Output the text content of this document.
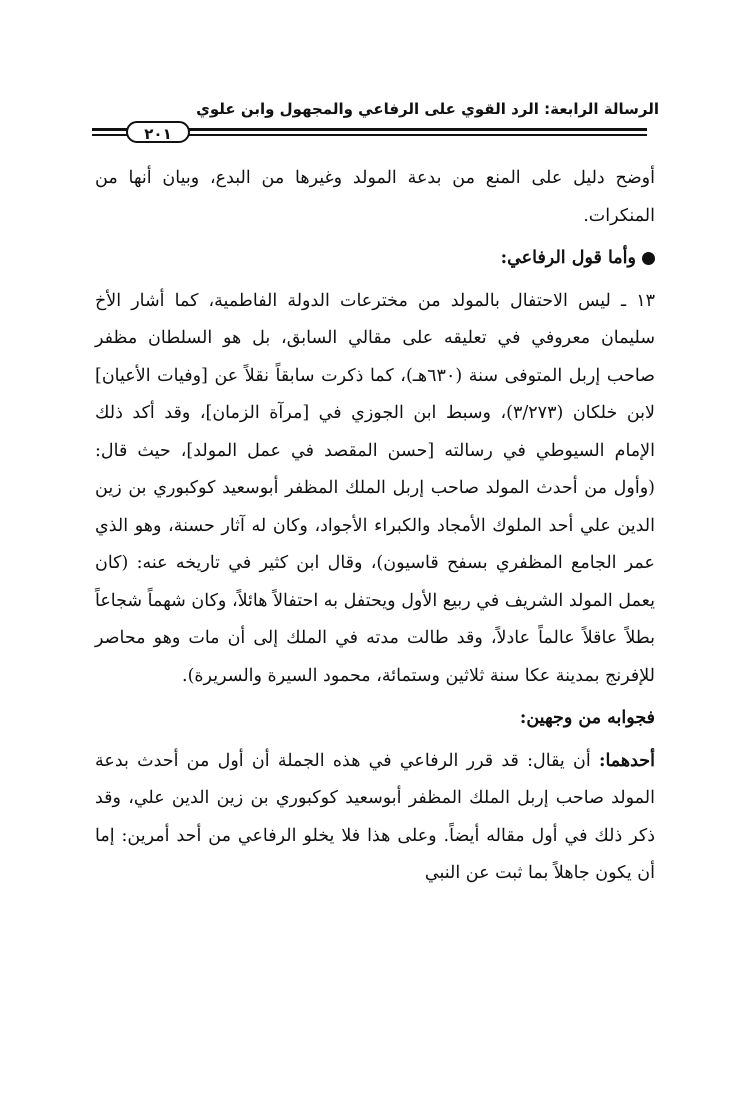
الرسالة الرابعة: الرد القوي على الرفاعي والمجهول وابن علوي
٢٠١

أوضح دليل على المنع من بدعة المولد وغيرها من البدع، وبيان أنها من المنكرات.

وأما قول الرفاعي:

١٣ ـ ليس الاحتفال بالمولد من مخترعات الدولة الفاطمية، كما أشار الأخ سليمان معروفي في تعليقه على مقالي السابق، بل هو السلطان مظفر صاحب إربل المتوفى سنة (٦٣٠هـ)، كما ذكرت سابقاً نقلاً عن [وفيات الأعيان] لابن خلكان (٣/٢٧٣)، وسبط ابن الجوزي في [مرآة الزمان]، وقد أكد ذلك الإمام السيوطي في رسالته [حسن المقصد في عمل المولد]، حيث قال: (وأول من أحدث المولد صاحب إربل الملك المظفر أبوسعيد كوكبوري بن زين الدين علي أحد الملوك الأمجاد والكبراء الأجواد، وكان له آثار حسنة، وهو الذي عمر الجامع المظفري بسفح قاسيون)، وقال ابن كثير في تاريخه عنه: (كان يعمل المولد الشريف في ربيع الأول ويحتفل به احتفالاً هائلاً، وكان شهماً شجاعاً بطلاً عاقلاً عالماً عادلاً، وقد طالت مدته في الملك إلى أن مات وهو محاصر للإفرنج بمدينة عكا سنة ثلاثين وستمائة، محمود السيرة والسريرة).

فجوابه من وجهين:

أحدهما: أن يقال: قد قرر الرفاعي في هذه الجملة أن أول من أحدث بدعة المولد صاحب إربل الملك المظفر أبوسعيد كوكبوري بن زين الدين علي، وقد ذكر ذلك في أول مقاله أيضاً. وعلى هذا فلا يخلو الرفاعي من أحد أمرين: إما أن يكون جاهلاً بما ثبت عن النبي
